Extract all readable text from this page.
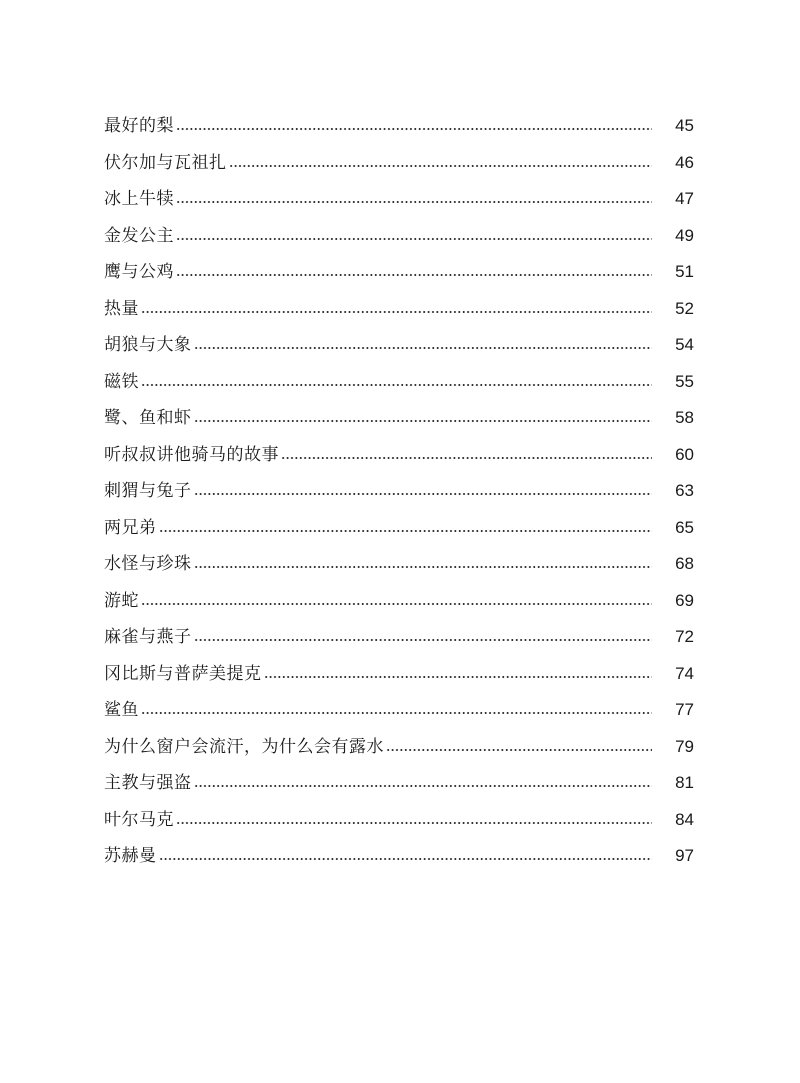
最好的梨	45
伏尔加与瓦祖扎	46
冰上牛犊	47
金发公主	49
鹰与公鸡	51
热量	52
胡狼与大象	54
磁铁	55
鹭、鱼和虾	58
听叔叔讲他骑马的故事	60
刺猬与兔子	63
两兄弟	65
水怪与珍珠	68
游蛇	69
麻雀与燕子	72
冈比斯与普萨美提克	74
鲨鱼	77
为什么窗户会流汗，为什么会有露水	79
主教与强盗	81
叶尔马克	84
苏赫曼	97
